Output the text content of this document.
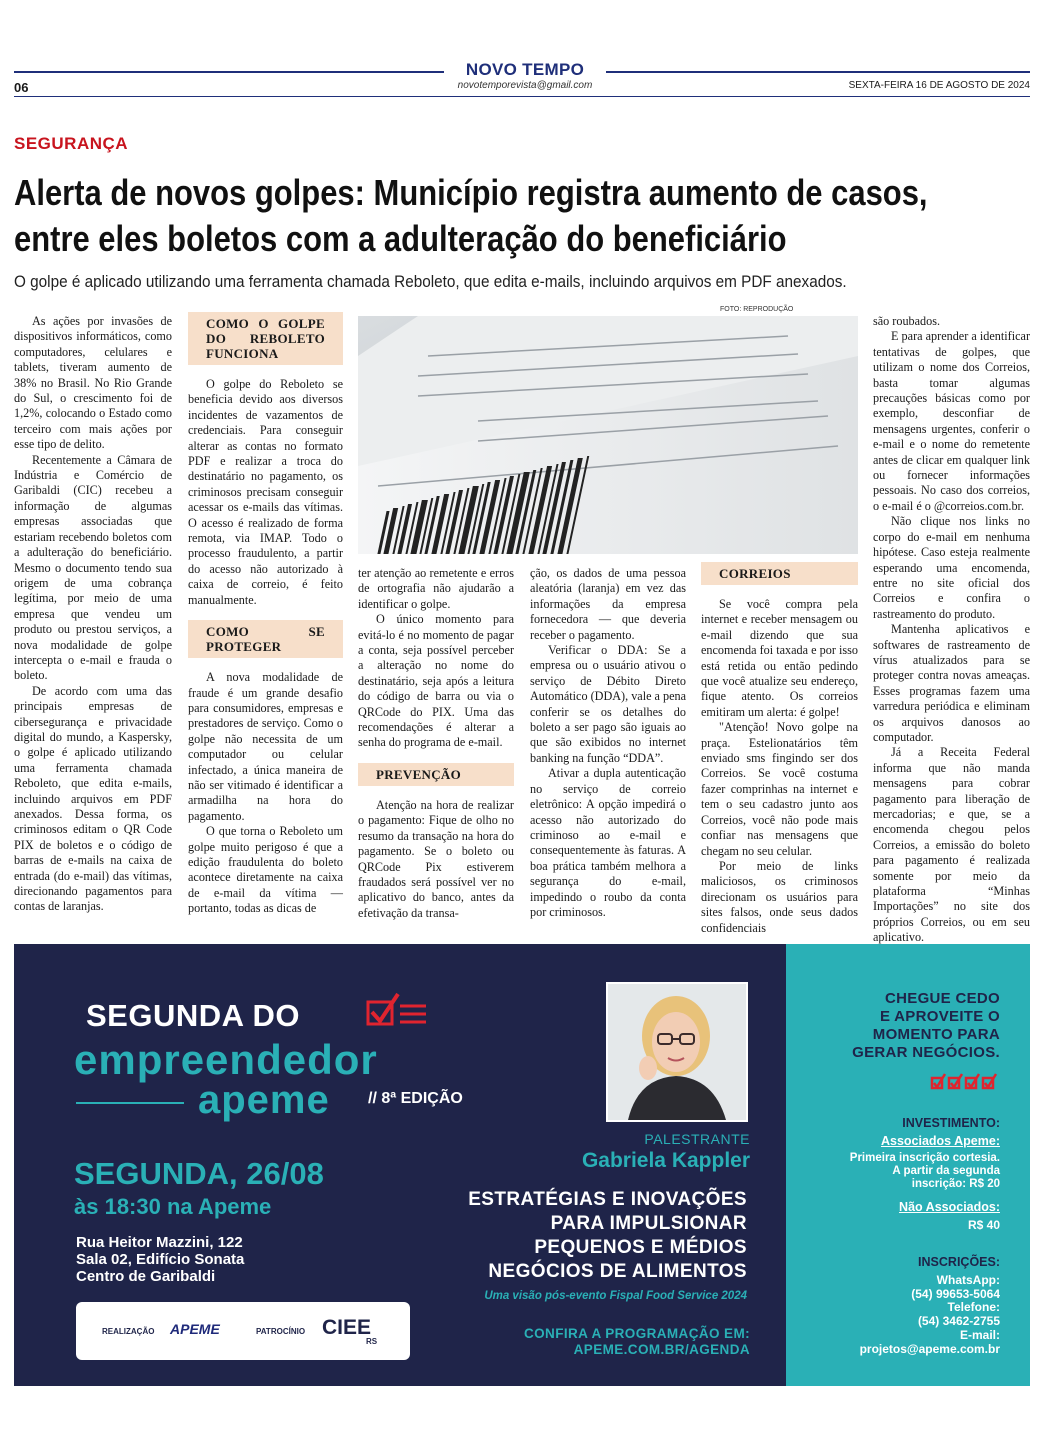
NOVO TEMPO
novotemporevista@gmail.com
06	SEXTA-FEIRA 16 DE AGOSTO DE 2024
SEGURANÇA
Alerta de novos golpes: Município registra aumento de casos,
entre eles boletos com a adulteração do beneficiário
O golpe é aplicado utilizando uma ferramenta chamada Reboleto, que edita e-mails, incluindo arquivos em PDF anexados.

As ações por invasões de dispositivos informáticos, como computadores, celulares e tablets, tiveram aumento de 38% no Brasil. No Rio Grande do Sul, o crescimento foi de 1,2%, colocando o Estado como terceiro com mais ações por esse tipo de delito.

Recentemente a Câmara de Indústria e Comércio de Garibaldi (CIC) recebeu a informação de algumas empresas associadas que estariam recebendo boletos com a adulteração do beneficiário. Mesmo o documento tendo sua origem de uma cobrança legítima, por meio de uma empresa que vendeu um produto ou prestou serviços, a nova modalidade de golpe intercepta o e-mail e frauda o boleto.

De acordo com uma das principais empresas de cibersegurança e privacidade digital do mundo, a Kaspersky, o golpe é aplicado utilizando uma ferramenta chamada Reboleto, que edita e-mails, incluindo arquivos em PDF anexados. Dessa forma, os criminosos editam o QR Code PIX de boletos e o código de barras de e-mails na caixa de entrada (do e-mail) das vítimas, direcionando pagamentos para contas de laranjas.

COMO O GOLPE DO REBOLETO FUNCIONA

O golpe do Reboleto se beneficia devido aos diversos incidentes de vazamentos de credenciais. Para conseguir alterar as contas no formato PDF e realizar a troca do destinatário no pagamento, os criminosos precisam conseguir acessar os e-mails das vítimas. O acesso é realizado de forma remota, via IMAP. Todo o processo fraudulento, a partir do acesso não autorizado à caixa de correio, é feito manualmente.

COMO SE PROTEGER

A nova modalidade de fraude é um grande desafio para consumidores, empresas e prestadores de serviço. Como o golpe não necessita de um computador ou celular infectado, a única maneira de não ser vitimado é identificar a armadilha na hora do pagamento.

O que torna o Reboleto um golpe muito perigoso é que a edição fraudulenta do boleto acontece diretamente na caixa de e-mail da vítima — portanto, todas as dicas de

FOTO: REPRODUÇÃO

ter atenção ao remetente e erros de ortografia não ajudarão a identificar o golpe.

O único momento para evitá-lo é no momento de pagar a conta, seja possível perceber a alteração no nome do destinatário, seja após a leitura do código de barra ou via o QRCode do PIX. Uma das recomendações é alterar a senha do programa de e-mail.

PREVENÇÃO

Atenção na hora de realizar o pagamento: Fique de olho no resumo da transação na hora do pagamento. Se o boleto ou QRCode Pix estiverem fraudados será possível ver no aplicativo do banco, antes da efetivação da transa-

ção, os dados de uma pessoa aleatória (laranja) em vez das informações da empresa fornecedora — que deveria receber o pagamento.

Verificar o DDA: Se a empresa ou o usuário ativou o serviço de Débito Direto Automático (DDA), vale a pena conferir se os detalhes do boleto a ser pago são iguais ao que são exibidos no internet banking na função “DDA”.

Ativar a dupla autenticação no serviço de correio eletrônico: A opção impedirá o acesso não autorizado do criminoso ao e-mail e consequentemente às faturas. A boa prática também melhora a segurança do e-mail, impedindo o roubo da conta por criminosos.

CORREIOS

Se você compra pela internet e receber mensagem ou e-mail dizendo que sua encomenda foi taxada e por isso está retida ou então pedindo que você atualize seu endereço, fique atento. Os correios emitiram um alerta: é golpe!

"Atenção! Novo golpe na praça. Estelionatários têm enviado sms fingindo ser dos Correios. Se você costuma fazer comprinhas na internet e tem o seu cadastro junto aos Correios, você não pode mais confiar nas mensagens que chegam no seu celular.

Por meio de links maliciosos, os criminosos direcionam os usuários para sites falsos, onde seus dados confidenciais

são roubados.

E para aprender a identificar tentativas de golpes, que utilizam o nome dos Correios, basta tomar algumas precauções básicas como por exemplo, desconfiar de mensagens urgentes, conferir o e-mail e o nome do remetente antes de clicar em qualquer link ou fornecer informações pessoais. No caso dos correios, o e-mail é o @correios.com.br.

Não clique nos links no corpo do e-mail em nenhuma hipótese. Caso esteja realmente esperando uma encomenda, entre no site oficial dos Correios e confira o rastreamento do produto.

Mantenha aplicativos e softwares de rastreamento de vírus atualizados para se proteger contra novas ameaças. Esses programas fazem uma varredura periódica e eliminam os arquivos danosos ao computador.

Já a Receita Federal informa que não manda mensagens para cobrar pagamento para liberação de mercadorias; e que, se a encomenda chegou pelos Correios, a emissão do boleto para pagamento é realizada somente por meio da plataforma “Minhas Importações” no site dos próprios Correios, ou em seu aplicativo.

SEGUNDA DO
empreendedor
apeme // 8ª EDIÇÃO
SEGUNDA, 26/08
às 18:30 na Apeme
Rua Heitor Mazzini, 122
Sala 02, Edifício Sonata
Centro de Garibaldi
REALIZAÇÃO APEME	PATROCÍNIO CIEE
RS
PALESTRANTE
Gabriela Kappler
ESTRATÉGIAS E INOVAÇÕES
PARA IMPULSIONAR
PEQUENOS E MÉDIOS
NEGÓCIOS DE ALIMENTOS
Uma visão pós-evento Fispal Food Service 2024
CONFIRA A PROGRAMAÇÃO EM:
APEME.COM.BR/AGENDA
CHEGUE CEDO
E APROVEITE O
MOMENTO PARA
GERAR NEGÓCIOS.
INVESTIMENTO:
Associados Apeme:
Primeira inscrição cortesia.
A partir da segunda
inscrição: R$ 20
Não Associados:
R$ 40
INSCRIÇÕES:
WhatsApp:
(54) 99653-5064
Telefone:
(54) 3462-2755
E-mail:
projetos@apeme.com.br
